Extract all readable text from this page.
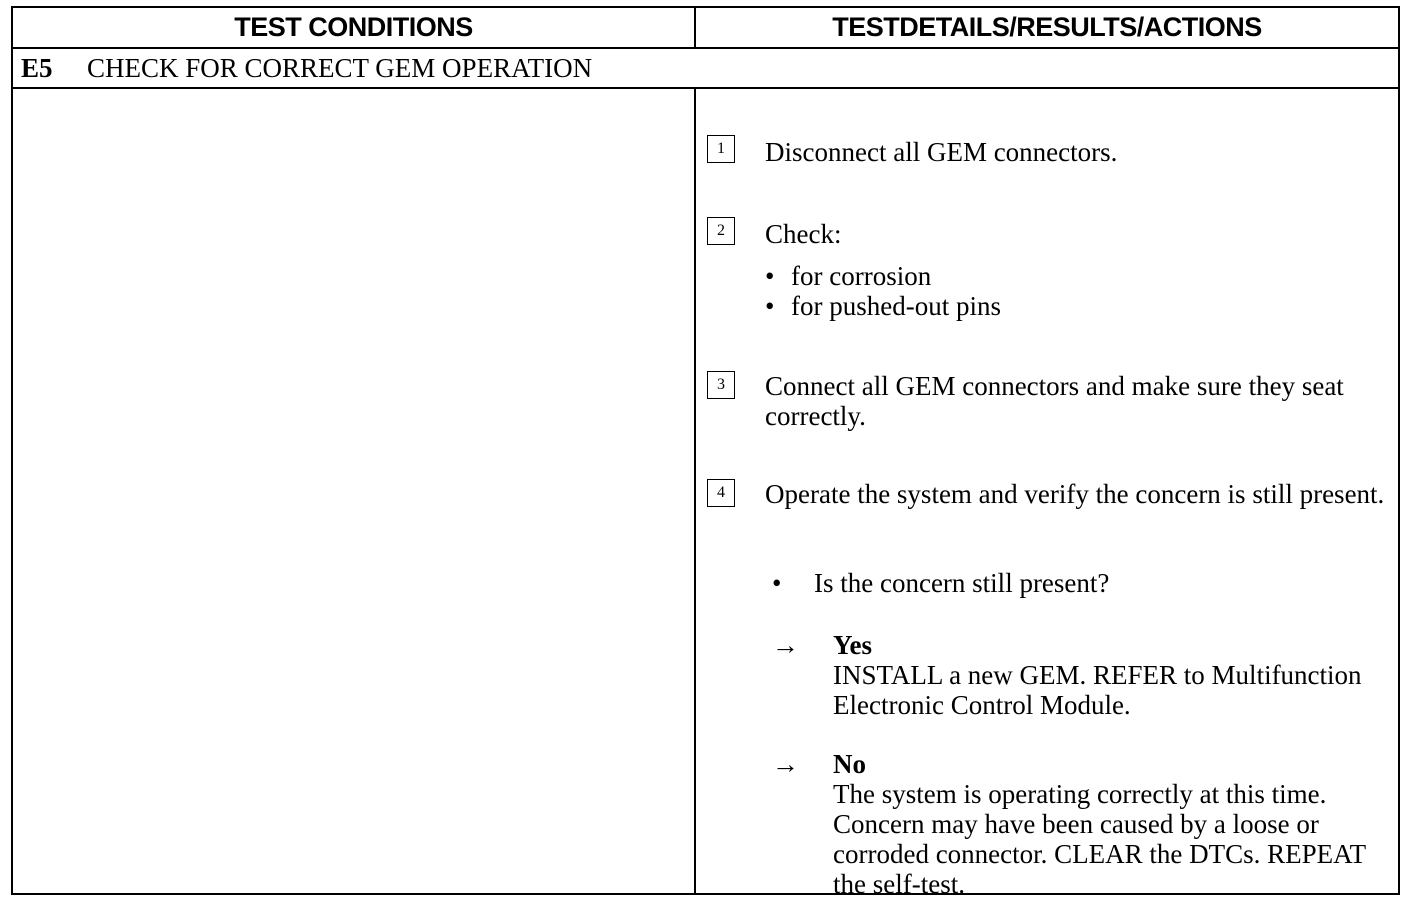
TEST CONDITIONS	TESTDETAILS/RESULTS/ACTIONS
E5	CHECK FOR CORRECT GEM OPERATION
1	Disconnect all GEM connectors.
2	Check:
• for corrosion
• for pushed-out pins
3	Connect all GEM connectors and make sure they seat correctly.
4	Operate the system and verify the concern is still present.
• Is the concern still present?
→ Yes
INSTALL a new GEM. REFER to Multifunction Electronic Control Module.
→ No
The system is operating correctly at this time. Concern may have been caused by a loose or corroded connector. CLEAR the DTCs. REPEAT the self-test.
